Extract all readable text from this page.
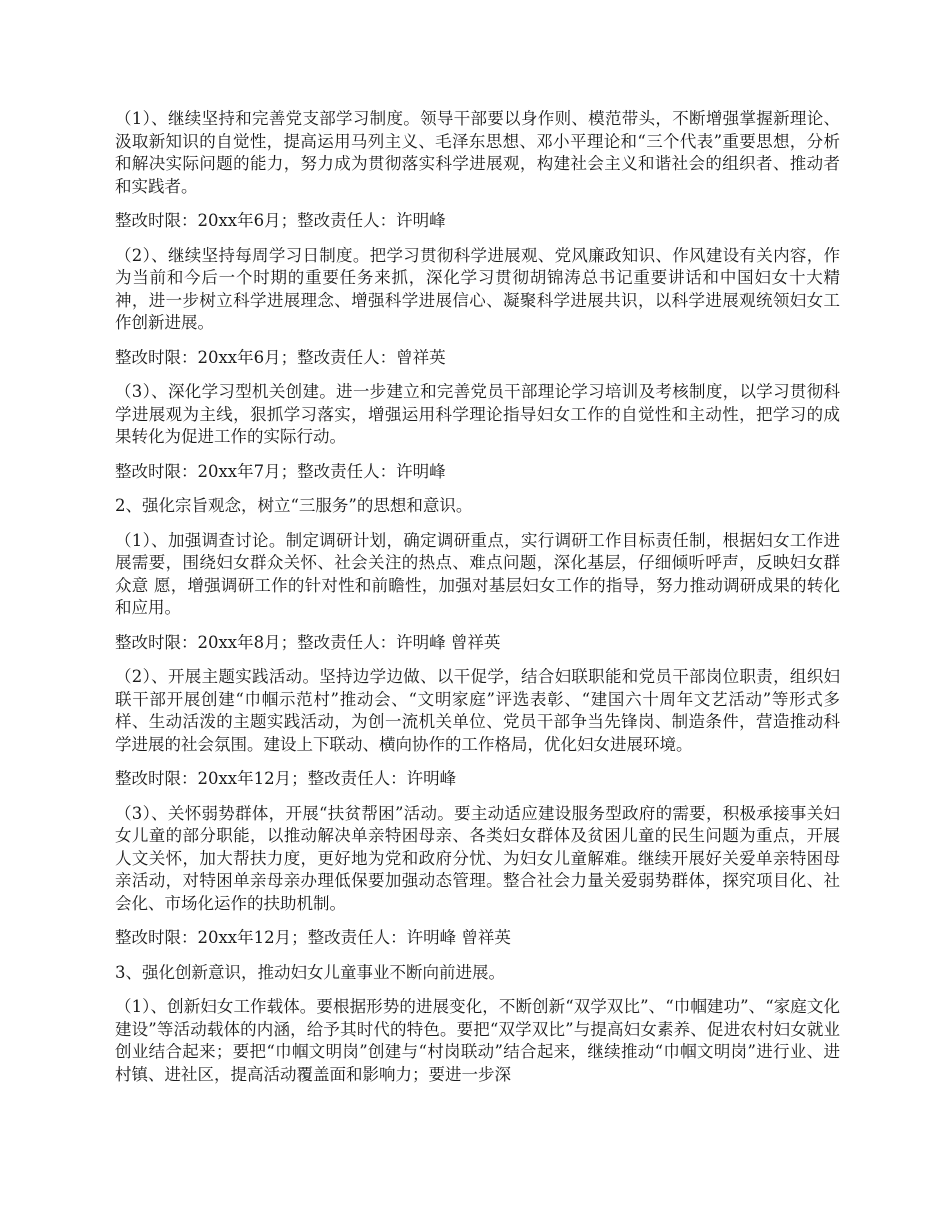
（1）、继续坚持和完善党支部学习制度。领导干部要以身作则、模范带头，不断增强掌握新理论、汲取新知识的自觉性，提高运用马列主义、毛泽东思想、邓小平理论和“三个代表”重要思想，分析和解决实际问题的能力，努力成为贯彻落实科学进展观，构建社会主义和谐社会的组织者、推动者和实践者。

整改时限：20xx年6月；整改责任人：许明峰

（2）、继续坚持每周学习日制度。把学习贯彻科学进展观、党风廉政知识、作风建设有关内容，作为当前和今后一个时期的重要任务来抓，深化学习贯彻胡锦涛总书记重要讲话和中国妇女十大精神，进一步树立科学进展理念、增强科学进展信心、凝聚科学进展共识，以科学进展观统领妇女工作创新进展。

整改时限：20xx年6月；整改责任人：曾祥英

（3）、深化学习型机关创建。进一步建立和完善党员干部理论学习培训及考核制度，以学习贯彻科学进展观为主线，狠抓学习落实，增强运用科学理论指导妇女工作的自觉性和主动性，把学习的成果转化为促进工作的实际行动。

整改时限：20xx年7月；整改责任人：许明峰

2、强化宗旨观念，树立“三服务”的思想和意识。

（1）、加强调查讨论。制定调研计划，确定调研重点，实行调研工作目标责任制，根据妇女工作进展需要，围绕妇女群众关怀、社会关注的热点、难点问题，深化基层，仔细倾听呼声，反映妇女群众意 愿，增强调研工作的针对性和前瞻性，加强对基层妇女工作的指导，努力推动调研成果的转化和应用。

整改时限：20xx年8月；整改责任人：许明峰 曾祥英

（2）、开展主题实践活动。坚持边学边做、以干促学，结合妇联职能和党员干部岗位职责，组织妇联干部开展创建“巾帼示范村”推动会、“文明家庭”评选表彰、“建国六十周年文艺活动”等形式多样、生动活泼的主题实践活动，为创一流机关单位、党员干部争当先锋岗、制造条件，营造推动科学进展的社会氛围。建设上下联动、横向协作的工作格局，优化妇女进展环境。

整改时限：20xx年12月；整改责任人：许明峰

（3）、关怀弱势群体，开展“扶贫帮困”活动。要主动适应建设服务型政府的需要，积极承接事关妇女儿童的部分职能，以推动解决单亲特困母亲、各类妇女群体及贫困儿童的民生问题为重点，开展人文关怀，加大帮扶力度，更好地为党和政府分忧、为妇女儿童解难。继续开展好关爱单亲特困母亲活动，对特困单亲母亲办理低保要加强动态管理。整合社会力量关爱弱势群体，探究项目化、社会化、市场化运作的扶助机制。

整改时限：20xx年12月；整改责任人：许明峰 曾祥英

3、强化创新意识，推动妇女儿童事业不断向前进展。

（1）、创新妇女工作载体。要根据形势的进展变化，不断创新“双学双比”、“巾帼建功”、“家庭文化建设”等活动载体的内涵，给予其时代的特色。要把“双学双比”与提高妇女素养、促进农村妇女就业创业结合起来；要把“巾帼文明岗”创建与“村岗联动”结合起来，继续推动“巾帼文明岗”进行业、进村镇、进社区，提高活动覆盖面和影响力；要进一步深
